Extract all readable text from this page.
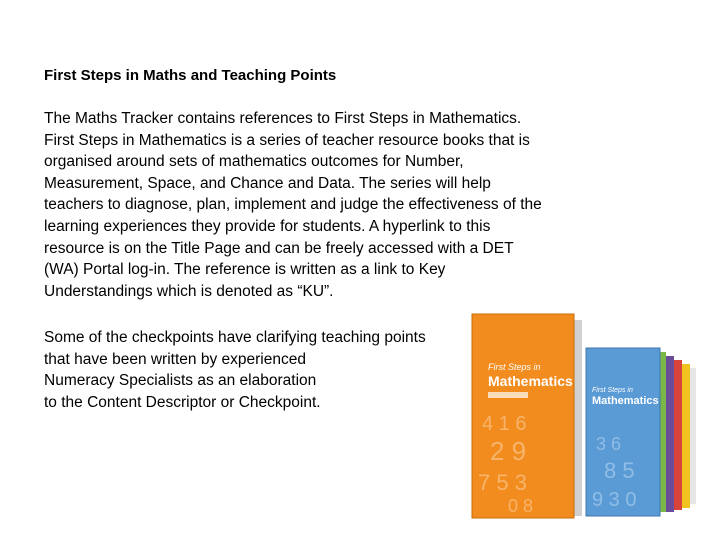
First Steps in Maths and Teaching Points

The Maths Tracker contains references to First Steps in Mathematics.
First Steps in Mathematics is a series of teacher resource books that is
organised around sets of mathematics outcomes for Number,
Measurement, Space, and Chance and Data. The series will help
teachers to diagnose, plan, implement and judge the effectiveness of the
learning experiences they provide for students. A hyperlink to this
resource is on the Title Page and can be freely accessed with a DET
(WA) Portal log-in. The reference is written as a link to Key
Understandings which is denoted as “KU”.

Some of the checkpoints have clarifying teaching points
that have been written by experienced
Numeracy Specialists as an elaboration
to the Content Descriptor or Checkpoint.

First Steps in
Mathematics
3 6
8 5
9 3 0
First Steps in
Mathematics
4 1 6
2 9
7 5 3
0 8
